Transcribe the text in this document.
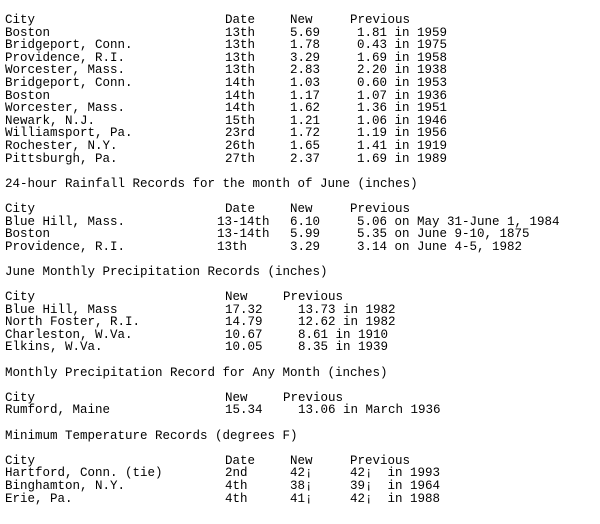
City	Date	New	Previous
Boston	13th	5.69	1.81 in 1959
Bridgeport, Conn.	13th	1.78	0.43 in 1975
Providence, R.I.	13th	3.29	1.69 in 1958
Worcester, Mass.	13th	2.83	2.20 in 1938
Bridgeport, Conn.	14th	1.03	0.60 in 1953
Boston	14th	1.17	1.07 in 1936
Worcester, Mass.	14th	1.62	1.36 in 1951
Newark, N.J.	15th	1.21	1.06 in 1946
Williamsport, Pa.	23rd	1.72	1.19 in 1956
Rochester, N.Y.	26th	1.65	1.41 in 1919
Pittsburgh, Pa.	27th	2.37	1.69 in 1989
24-hour Rainfall Records for the month of June (inches)
City	Date	New	Previous
Blue Hill, Mass.	13-14th 6.10	5.06 on May 31-June 1, 1984
Boston	13-14th 5.99	5.35 on June 9-10, 1875
Providence, R.I.	13th	3.29	3.14 on June 4-5, 1982
June Monthly Precipitation Records (inches)
City	New	Previous
Blue Hill, Mass	17.32	13.73 in 1982
North Foster, R.I.	14.79	12.62 in 1982
Charleston, W.Va.	10.67	8.61 in 1910
Elkins, W.Va.	10.05	8.35 in 1939
Monthly Precipitation Record for Any Month (inches)
City	New	Previous
Rumford, Maine	15.34	13.06 in March 1936
Minimum Temperature Records (degrees F)
City	Date	New	Previous
Hartford, Conn. (tie)	2nd	42¡	42¡  in 1993
Binghamton, N.Y.	4th	38¡	39¡  in 1964
Erie, Pa.	4th	41¡	42¡  in 1988
